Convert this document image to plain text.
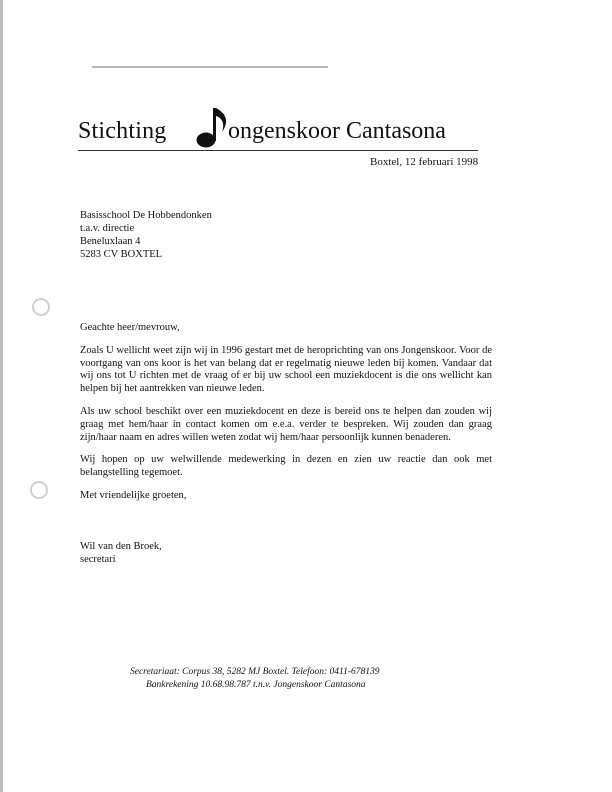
Stichting	ongenskoor Cantasona
Boxtel, 12 februari 1998
Basisschool De Hobbendonken
t.a.v. directie
Beneluxlaan 4
5283 CV BOXTEL

Geachte heer/mevrouw,

Zoals U wellicht weet zijn wij in 1996 gestart met de heroprichting van ons Jongenskoor. Voor de voortgang van ons koor is het van belang dat er regelmatig nieuwe leden bij komen. Vandaar dat wij ons tot U richten met de vraag of er bij uw school een muziekdocent is die ons wellicht kan helpen bij het aantrekken van nieuwe leden.

Als uw school beschikt over een muziekdocent en deze is bereid ons te helpen dan zouden wij graag met hem/haar in contact komen om e.e.a. verder te bespreken. Wij zouden dan graag zijn/haar naam en adres willen weten zodat wij hem/haar persoonlijk kunnen benaderen.

Wij hopen op uw welwillende medewerking in dezen en zien uw reactie dan ook met belangstelling tegemoet.

Met vriendelijke groeten,

Wil van den Broek,
secretari
Secretariaat: Corpus 38, 5282 MJ Boxtel. Telefoon: 0411-678139
Bankrekening 10.68.98.787 t.n.v. Jongenskoor Cantasona
